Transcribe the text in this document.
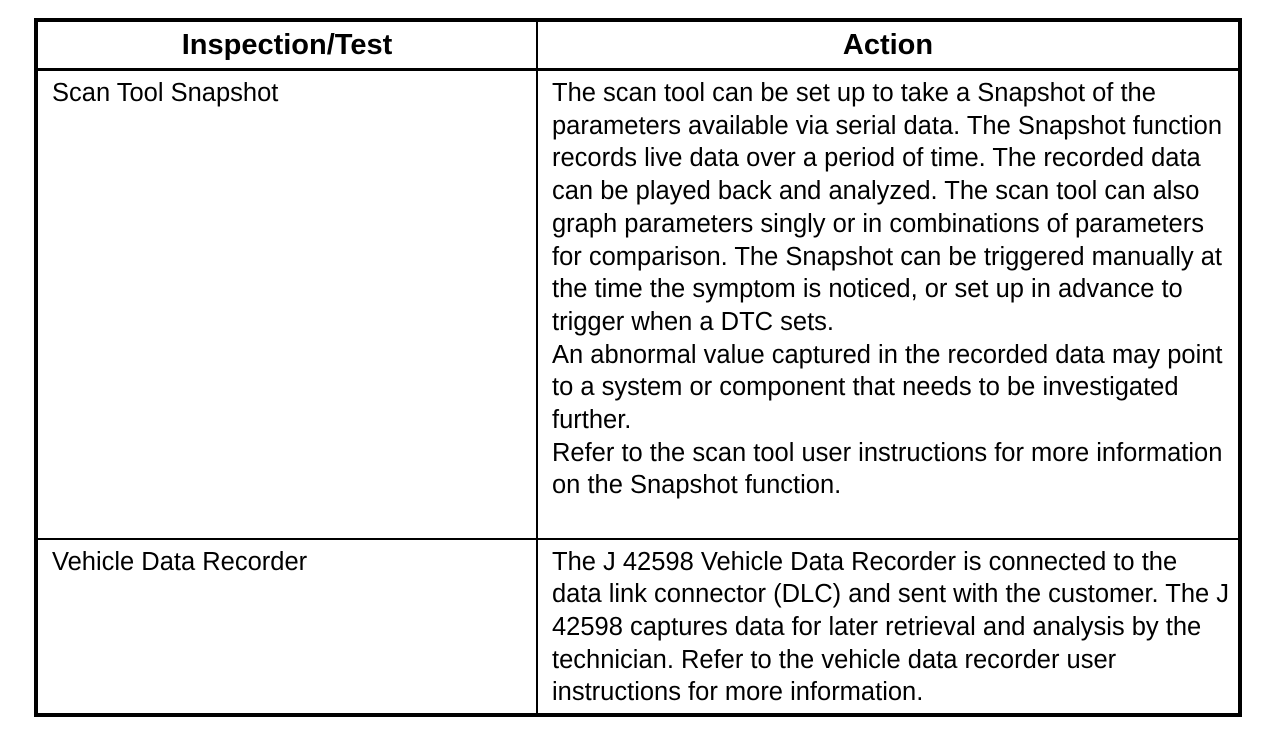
Inspection/Test	Action
Scan Tool Snapshot	The scan tool can be set up to take a Snapshot of the parameters available via serial data. The Snapshot function records live data over a period of time. The recorded data can be played back and analyzed. The scan tool can also graph parameters singly or in combinations of parameters for comparison. The Snapshot can be triggered manually at the time the symptom is noticed, or set up in advance to trigger when a DTC sets.
An abnormal value captured in the recorded data may point to a system or component that needs to be investigated further.
Refer to the scan tool user instructions for more information on the Snapshot function.

Vehicle Data Recorder	The J 42598 Vehicle Data Recorder is connected to the data link connector (DLC) and sent with the customer. The J 42598 captures data for later retrieval and analysis by the technician. Refer to the vehicle data recorder user instructions for more information.
